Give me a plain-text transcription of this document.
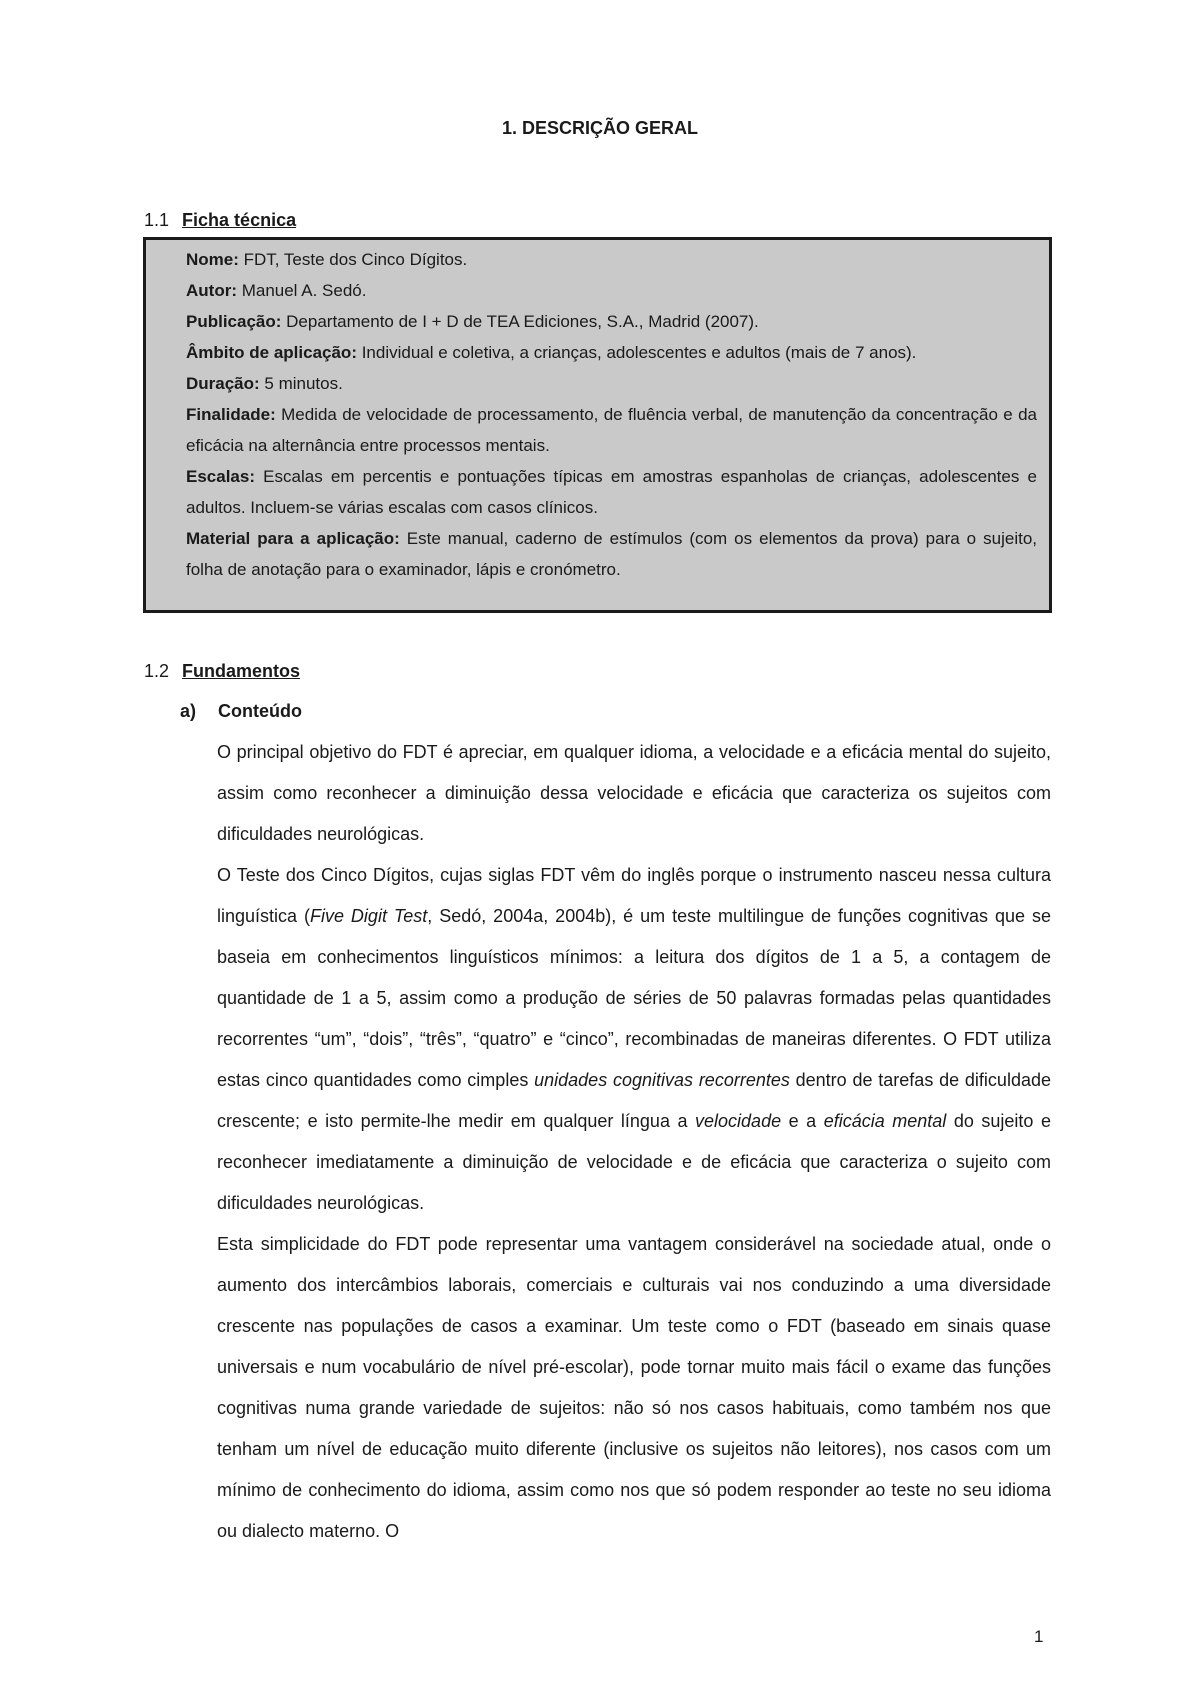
1. DESCRIÇÃO GERAL
1.1 Ficha técnica

Nome: FDT, Teste dos Cinco Dígitos.

Autor: Manuel A. Sedó.

Publicação: Departamento de I + D de TEA Ediciones, S.A., Madrid (2007).

Âmbito de aplicação: Individual e coletiva, a crianças, adolescentes e adultos (mais de 7 anos).

Duração: 5 minutos.

Finalidade: Medida de velocidade de processamento, de fluência verbal, de manutenção da concentração e da eficácia na alternância entre processos mentais.

Escalas: Escalas em percentis e pontuações típicas em amostras espanholas de crianças, adolescentes e adultos. Incluem-se várias escalas com casos clínicos.

Material para a aplicação: Este manual, caderno de estímulos (com os elementos da prova) para o sujeito, folha de anotação para o examinador, lápis e cronómetro.

1.2 Fundamentos
a) Conteúdo

O principal objetivo do FDT é apreciar, em qualquer idioma, a velocidade e a eficácia mental do sujeito, assim como reconhecer a diminuição dessa velocidade e eficácia que caracteriza os sujeitos com dificuldades neurológicas.

O Teste dos Cinco Dígitos, cujas siglas FDT vêm do inglês porque o instrumento nasceu nessa cultura linguística (Five Digit Test, Sedó, 2004a, 2004b), é um teste multilingue de funções cognitivas que se baseia em conhecimentos linguísticos mínimos: a leitura dos dígitos de 1 a 5, a contagem de quantidade de 1 a 5, assim como a produção de séries de 50 palavras formadas pelas quantidades recorrentes “um”, “dois”, “três”, “quatro” e “cinco”, recombinadas de maneiras diferentes. O FDT utiliza estas cinco quantidades como cimples unidades cognitivas recorrentes dentro de tarefas de dificuldade crescente; e isto permite-lhe medir em qualquer língua a velocidade e a eficácia mental do sujeito e reconhecer imediatamente a diminuição de velocidade e de eficácia que caracteriza o sujeito com dificuldades neurológicas.

Esta simplicidade do FDT pode representar uma vantagem considerável na sociedade atual, onde o aumento dos intercâmbios laborais, comerciais e culturais vai nos conduzindo a uma diversidade crescente nas populações de casos a examinar. Um teste como o FDT (baseado em sinais quase universais e num vocabulário de nível pré-escolar), pode tornar muito mais fácil o exame das funções cognitivas numa grande variedade de sujeitos: não só nos casos habituais, como também nos que tenham um nível de educação muito diferente (inclusive os sujeitos não leitores), nos casos com um mínimo de conhecimento do idioma, assim como nos que só podem responder ao teste no seu idioma ou dialecto materno. O

1
